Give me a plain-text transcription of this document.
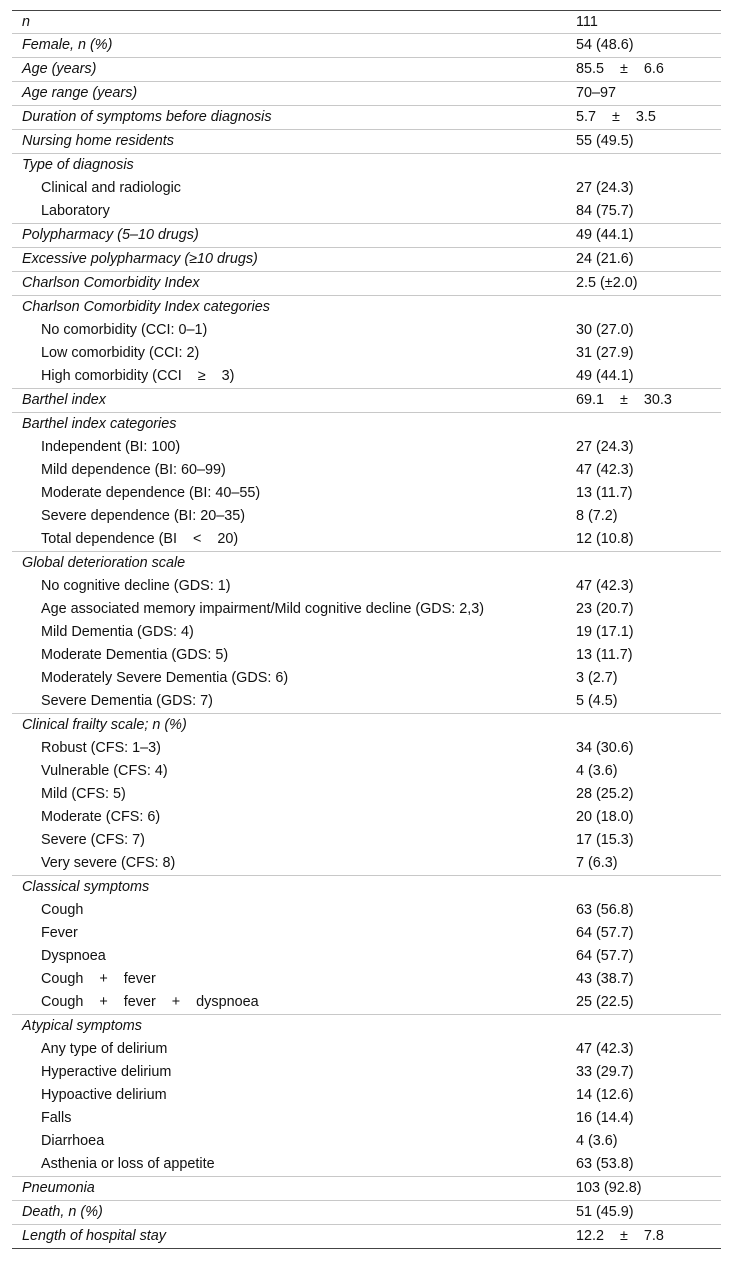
n	111
Female, n (%)	54 (48.6)
Age (years)	85.5    ±    6.6
Age range (years)	70–97
Duration of symptoms before diagnosis	5.7    ±    3.5
Nursing home residents	55 (49.5)
Type of diagnosis
Clinical and radiologic	27 (24.3)
Laboratory	84 (75.7)
Polypharmacy (5–10 drugs)	49 (44.1)
Excessive polypharmacy (≥10 drugs)	24 (21.6)
Charlson Comorbidity Index	2.5 (±2.0)
Charlson Comorbidity Index categories
No comorbidity (CCI: 0–1)	30 (27.0)
Low comorbidity (CCI: 2)	31 (27.9)
High comorbidity (CCI    ≥    3)	49 (44.1)
Barthel index	69.1    ±    30.3
Barthel index categories
Independent (BI: 100)	27 (24.3)
Mild dependence (BI: 60–99)	47 (42.3)
Moderate dependence (BI: 40–55)	13 (11.7)
Severe dependence (BI: 20–35)	8 (7.2)
Total dependence (BI    <    20)	12 (10.8)
Global deterioration scale
No cognitive decline (GDS: 1)	47 (42.3)
Age associated memory impairment/Mild cognitive decline (GDS: 2,3)	23 (20.7)
Mild Dementia (GDS: 4)	19 (17.1)
Moderate Dementia (GDS: 5)	13 (11.7)
Moderately Severe Dementia (GDS: 6)	3 (2.7)
Severe Dementia (GDS: 7)	5 (4.5)
Clinical frailty scale; n (%)
Robust (CFS: 1–3)	34 (30.6)
Vulnerable (CFS: 4)	4 (3.6)
Mild (CFS: 5)	28 (25.2)
Moderate (CFS: 6)	20 (18.0)
Severe (CFS: 7)	17 (15.3)
Very severe (CFS: 8)	7 (6.3)
Classical symptoms
Cough	63 (56.8)
Fever	64 (57.7)
Dyspnoea	64 (57.7)
Cough    +    fever	43 (38.7)
Cough    +    fever    +    dyspnoea	25 (22.5)
Atypical symptoms
Any type of delirium	47 (42.3)
Hyperactive delirium	33 (29.7)
Hypoactive delirium	14 (12.6)
Falls	16 (14.4)
Diarrhoea	4 (3.6)
Asthenia or loss of appetite	63 (53.8)
Pneumonia	103 (92.8)
Death, n (%)	51 (45.9)
Length of hospital stay	12.2    ±    7.8
